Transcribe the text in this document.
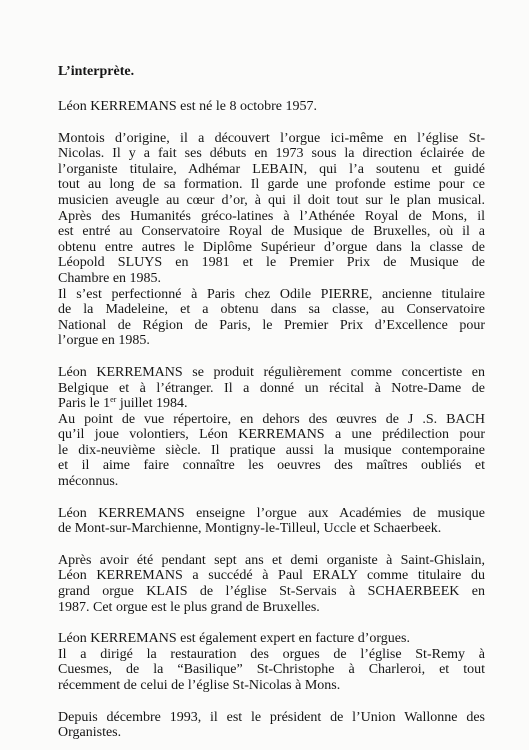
L’interprète.
Léon KERREMANS est né le 8 octobre 1957.
Montois d’origine, il a découvert l’orgue ici-même en l’église St-
Nicolas. Il y a fait ses débuts en 1973 sous la direction éclairée de
l’organiste titulaire, Adhémar LEBAIN, qui l’a soutenu et guidé
tout au long de sa formation. Il garde une profonde estime pour ce
musicien aveugle au cœur d’or, à qui il doit tout sur le plan musical.
Après des Humanités gréco-latines à l’Athénée Royal de Mons, il
est entré au Conservatoire Royal de Musique de Bruxelles, où il a
obtenu entre autres le Diplôme Supérieur d’orgue dans la classe de
Léopold SLUYS en 1981 et le Premier Prix de Musique de
Chambre en 1985.
Il s’est perfectionné à Paris chez Odile PIERRE, ancienne titulaire
de la Madeleine, et a obtenu dans sa classe, au Conservatoire
National de Région de Paris, le Premier Prix d’Excellence pour
l’orgue en 1985.
Léon KERREMANS se produit régulièrement comme concertiste en
Belgique et à l’étranger. Il a donné un récital à Notre-Dame de
Paris le 1er juillet 1984.
Au point de vue répertoire, en dehors des œuvres de J .S. BACH
qu’il joue volontiers, Léon KERREMANS a une prédilection pour
le dix-neuvième siècle. Il pratique aussi la musique contemporaine
et il aime faire connaître les oeuvres des maîtres oubliés et
méconnus.
Léon KERREMANS enseigne l’orgue aux Académies de musique
de Mont-sur-Marchienne, Montigny-le-Tilleul, Uccle et Schaerbeek.
Après avoir été pendant sept ans et demi organiste à Saint-Ghislain,
Léon KERREMANS a succédé à Paul ERALY comme titulaire du
grand orgue KLAIS de l’église St-Servais à SCHAERBEEK en
1987. Cet orgue est le plus grand de Bruxelles.
Léon KERREMANS est également expert en facture d’orgues.
Il a dirigé la restauration des orgues de l’église St-Remy à
Cuesmes, de la “Basilique” St-Christophe à Charleroi, et tout
récemment de celui de l’église St-Nicolas à Mons.
Depuis décembre 1993, il est le président de l’Union Wallonne des
Organistes.
